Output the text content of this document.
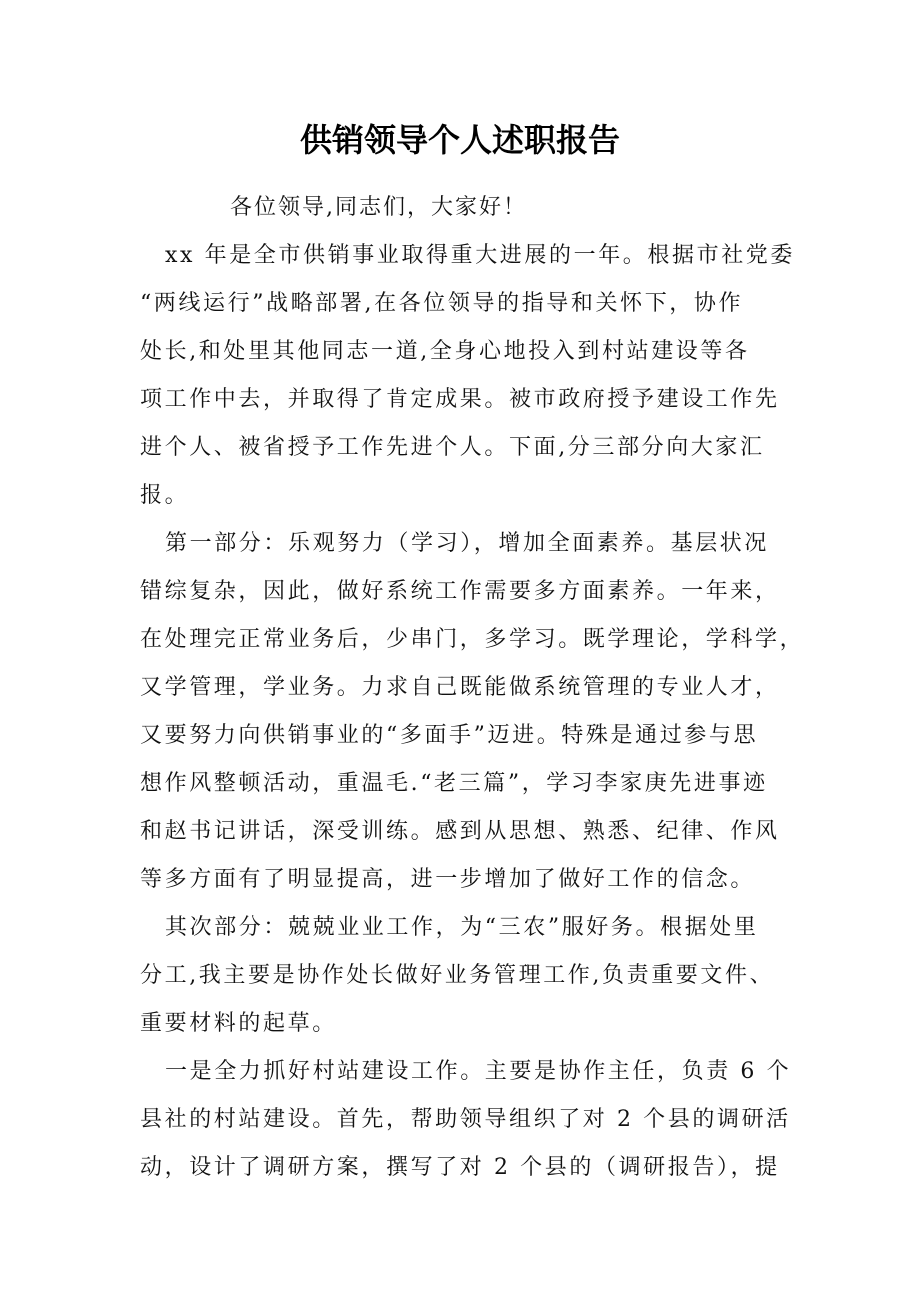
供销领导个人述职报告
各位领导,同志们，大家好！
xx 年是全市供销事业取得重大进展的一年。根据市社党委
“两线运行”战略部署,在各位领导的指导和关怀下，协作
处长,和处里其他同志一道,全身心地投入到村站建设等各
项工作中去，并取得了肯定成果。被市政府授予建设工作先
进个人、被省授予工作先进个人。下面,分三部分向大家汇
报。
第一部分：乐观努力（学习），增加全面素养。基层状况
错综复杂，因此，做好系统工作需要多方面素养。一年来，
在处理完正常业务后，少串门，多学习。既学理论，学科学，
又学管理，学业务。力求自己既能做系统管理的专业人才，
又要努力向供销事业的“多面手”迈进。特殊是通过参与思
想作风整顿活动，重温毛.“老三篇”，学习李家庚先进事迹
和赵书记讲话，深受训练。感到从思想、熟悉、纪律、作风
等多方面有了明显提高，进一步增加了做好工作的信念。
其次部分：兢兢业业工作，为“三农”服好务。根据处里
分工,我主要是协作处长做好业务管理工作,负责重要文件、
重要材料的起草。
一是全力抓好村站建设工作。主要是协作主任，负责 6 个
县社的村站建设。首先，帮助领导组织了对 2 个县的调研活
动，设计了调研方案，撰写了对 2 个县的（调研报告），提
